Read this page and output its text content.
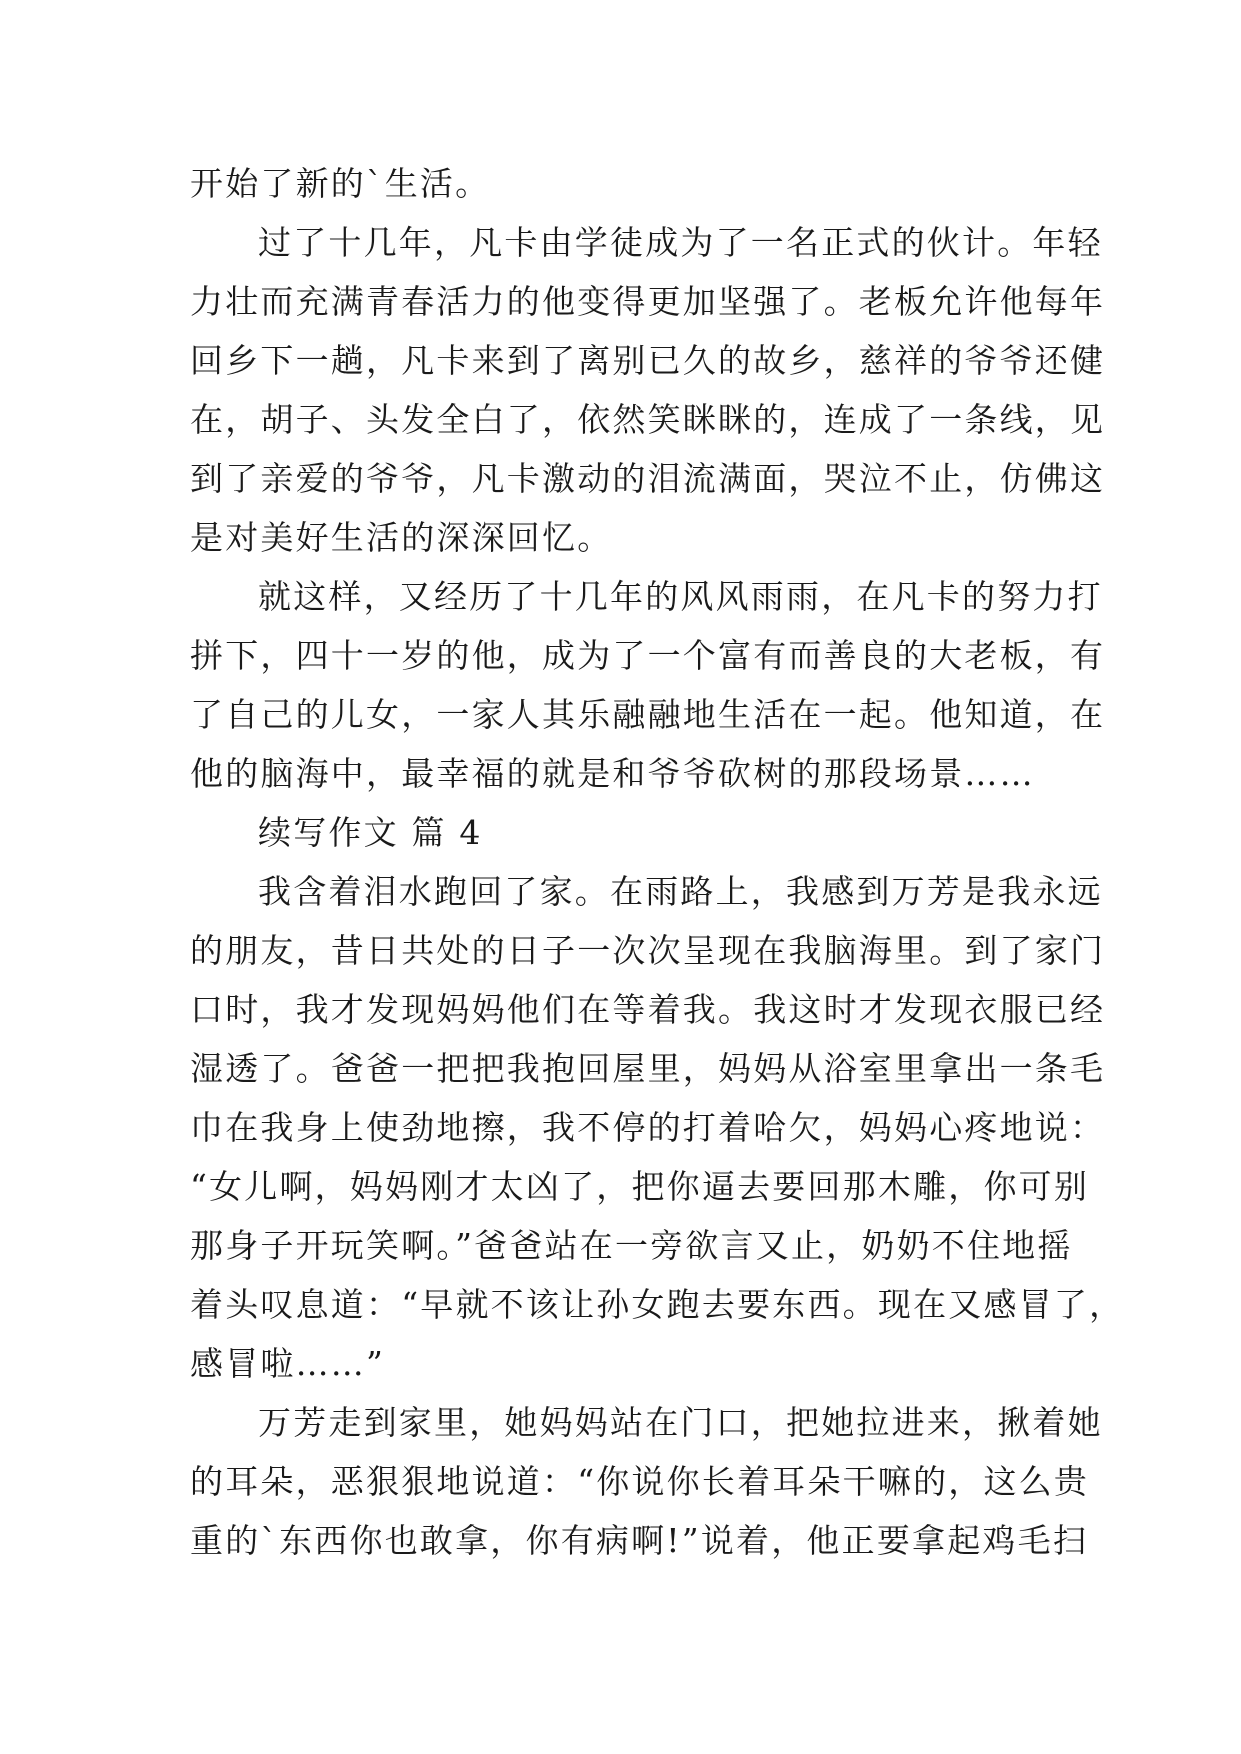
开始了新的`生活。
过了十几年，凡卡由学徒成为了一名正式的伙计。年轻
力壮而充满青春活力的他变得更加坚强了。老板允许他每年
回乡下一趟，凡卡来到了离别已久的故乡，慈祥的爷爷还健
在，胡子、头发全白了，依然笑眯眯的，连成了一条线，见
到了亲爱的爷爷，凡卡激动的泪流满面，哭泣不止，仿佛这
是对美好生活的深深回忆。
就这样，又经历了十几年的风风雨雨，在凡卡的努力打
拼下，四十一岁的他，成为了一个富有而善良的大老板，有
了自己的儿女，一家人其乐融融地生活在一起。他知道，在
他的脑海中，最幸福的就是和爷爷砍树的那段场景……
续写作文 篇 4
我含着泪水跑回了家。在雨路上，我感到万芳是我永远
的朋友，昔日共处的日子一次次呈现在我脑海里。到了家门
口时，我才发现妈妈他们在等着我。我这时才发现衣服已经
湿透了。爸爸一把把我抱回屋里，妈妈从浴室里拿出一条毛
巾在我身上使劲地擦，我不停的打着哈欠，妈妈心疼地说：
“女儿啊，妈妈刚才太凶了，把你逼去要回那木雕，你可别
那身子开玩笑啊。”爸爸站在一旁欲言又止，奶奶不住地摇
着头叹息道：“早就不该让孙女跑去要东西。现在又感冒了，
感冒啦……”
万芳走到家里，她妈妈站在门口，把她拉进来，揪着她
的耳朵，恶狠狠地说道：“你说你长着耳朵干嘛的，这么贵
重的`东西你也敢拿，你有病啊!”说着，他正要拿起鸡毛扫
